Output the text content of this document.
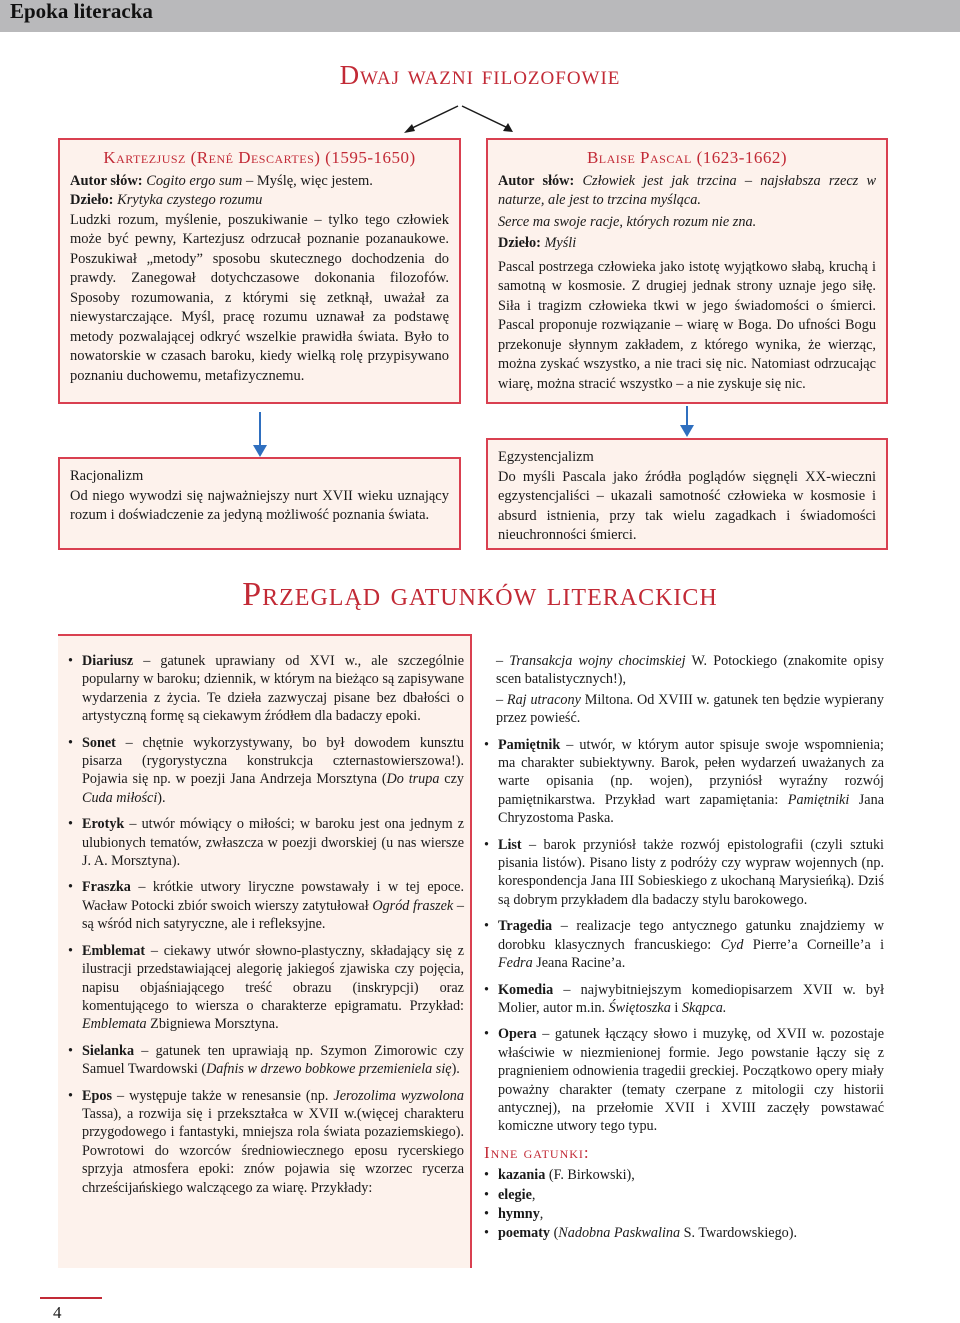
Epoka literacka
Dwaj wazni filozofowie
Kartezjusz (René Descartes) (1595-1650)

Autor słów: Cogito ergo sum – Myślę, więc jestem.

Dzieło: Krytyka czystego rozumu

Ludzki rozum, myślenie, poszukiwanie – tylko tego człowiek może być pewny, Kartezjusz odrzucał poznanie pozanaukowe. Poszukiwał „metody” sposobu skutecznego dochodzenia do prawdy. Zanegował dotychczasowe dokonania filozofów. Sposoby rozumowania, z którymi się zetknął, uważał za niewystarczające. Myśl, pracę rozumu uznawał za podstawę metody pozwalającej odkryć wszelkie prawidła świata. Było to nowatorskie w czasach baroku, kiedy wielką rolę przypisywano poznaniu duchowemu, metafizycznemu.

Blaise Pascal (1623-1662)

Autor słów: Człowiek jest jak trzcina – najsłabsza rzecz w naturze, ale jest to trzcina myśląca.

Serce ma swoje racje, których rozum nie zna.

Dzieło: Myśli

Pascal postrzega człowieka jako istotę wyjątkowo słabą, kruchą i samotną w kosmosie. Z drugiej jednak strony uznaje jego siłę. Siła i tragizm człowieka tkwi w jego świadomości o śmierci. Pascal proponuje rozwiązanie – wiarę w Boga. Do ufności Bogu przekonuje słynnym zakładem, z którego wynika, że wierząc, można zyskać wszystko, a nie traci się nic. Natomiast odrzucając wiarę, można stracić wszystko – a nie zyskuje się nic.

Racjonalizm

Od niego wywodzi się najważniejszy nurt XVII wieku uznający rozum i doświadczenie za jedyną możliwość poznania świata.

Egzystencjalizm

Do myśli Pascala jako źródła poglądów sięgnęli XX-wieczni egzystencjaliści – ukazali samotność człowieka w kosmosie i absurd istnienia, przy tak wielu zagadkach i świadomości nieuchronności śmierci.

Przegląd gatunków literackich
• Diariusz – gatunek uprawiany od XVI w., ale szczególnie popularny w baroku; dziennik, w którym na bieżąco są zapisywane wydarzenia z życia. Te dzieła zazwyczaj pisane bez dbałości o artystyczną formę są ciekawym źródłem dla badaczy epoki.
• Sonet – chętnie wykorzystywany, bo był dowodem kunsztu pisarza (rygorystyczna konstrukcja czternastowierszowa!). Pojawia się np. w poezji Jana Andrzeja Morsztyna (Do trupa czy Cuda miłości).
• Erotyk – utwór mówiący o miłości; w baroku jest ona jednym z ulubionych tematów, zwłaszcza w poezji dworskiej (u nas wiersze J. A. Morsztyna).
• Fraszka – krótkie utwory liryczne powstawały i w tej epoce. Wacław Potocki zbiór swoich wierszy zatytułował Ogród fraszek – są wśród nich satyryczne, ale i refleksyjne.
• Emblemat – ciekawy utwór słowno-plastyczny, składający się z ilustracji przedstawiającej alegorię jakiegoś zjawiska czy pojęcia, napisu objaśniającego treść obrazu (inskrypcji) oraz komentującego to wiersza o charakterze epigramatu. Przykład: Emblemata Zbigniewa Morsztyna.
• Sielanka – gatunek ten uprawiają np. Szymon Zimorowic czy Samuel Twardowski (Dafnis w drzewo bobkowe przemieniela się).
• Epos – występuje także w renesansie (np. Jerozolima wyzwolona Tassa), a rozwija się i przekształca w XVII w.(więcej charakteru przygodowego i fantastyki, mniejsza rola świata pozaziemskiego). Powrotowi do wzorców średniowiecznego eposu rycerskiego sprzyja atmosfera epoki: znów pojawia się wzorzec rycerza chrześcijańskiego walczącego za wiarę. Przykłady:
– Transakcja wojny chocimskiej W. Potockiego (znakomite opisy scen batalistycznych!),
– Raj utracony Miltona. Od XVIII w. gatunek ten będzie wypierany przez powieść.
• Pamiętnik – utwór, w którym autor spisuje swoje wspomnienia; ma charakter subiektywny. Barok, pełen wydarzeń uważanych za warte opisania (np. wojen), przyniósł wyraźny rozwój pamiętnikarstwa. Przykład wart zapamiętania: Pamiętniki Jana Chryzostoma Paska.
• List – barok przyniósł także rozwój epistolografii (czyli sztuki pisania listów). Pisano listy z podróży czy wypraw wojennych (np. korespondencja Jana III Sobieskiego z ukochaną Marysieńką). Dziś są dobrym przykładem dla badaczy stylu barokowego.
• Tragedia – realizacje tego antycznego gatunku znajdziemy w dorobku klasycznych francuskiego: Cyd Pierre’a Corneille’a i Fedra Jeana Racine’a.
• Komedia – najwybitniejszym komediopisarzem XVII w. był Molier, autor m.in. Świętoszka i Skąpca.
• Opera – gatunek łączący słowo i muzykę, od XVII w. pozostaje właściwie w niezmienionej formie. Jego powstanie łączy się z pragnieniem odnowienia tragedii greckiej. Początkowo opery miały poważny charakter (tematy czerpane z mitologii czy historii antycznej), na przełomie XVII i XVIII zaczęły powstawać komiczne utwory tego typu.
Inne gatunki:
• kazania (F. Birkowski),
• elegie,
• hymny,
• poematy (Nadobna Paskwalina S. Twardowskiego).
4
